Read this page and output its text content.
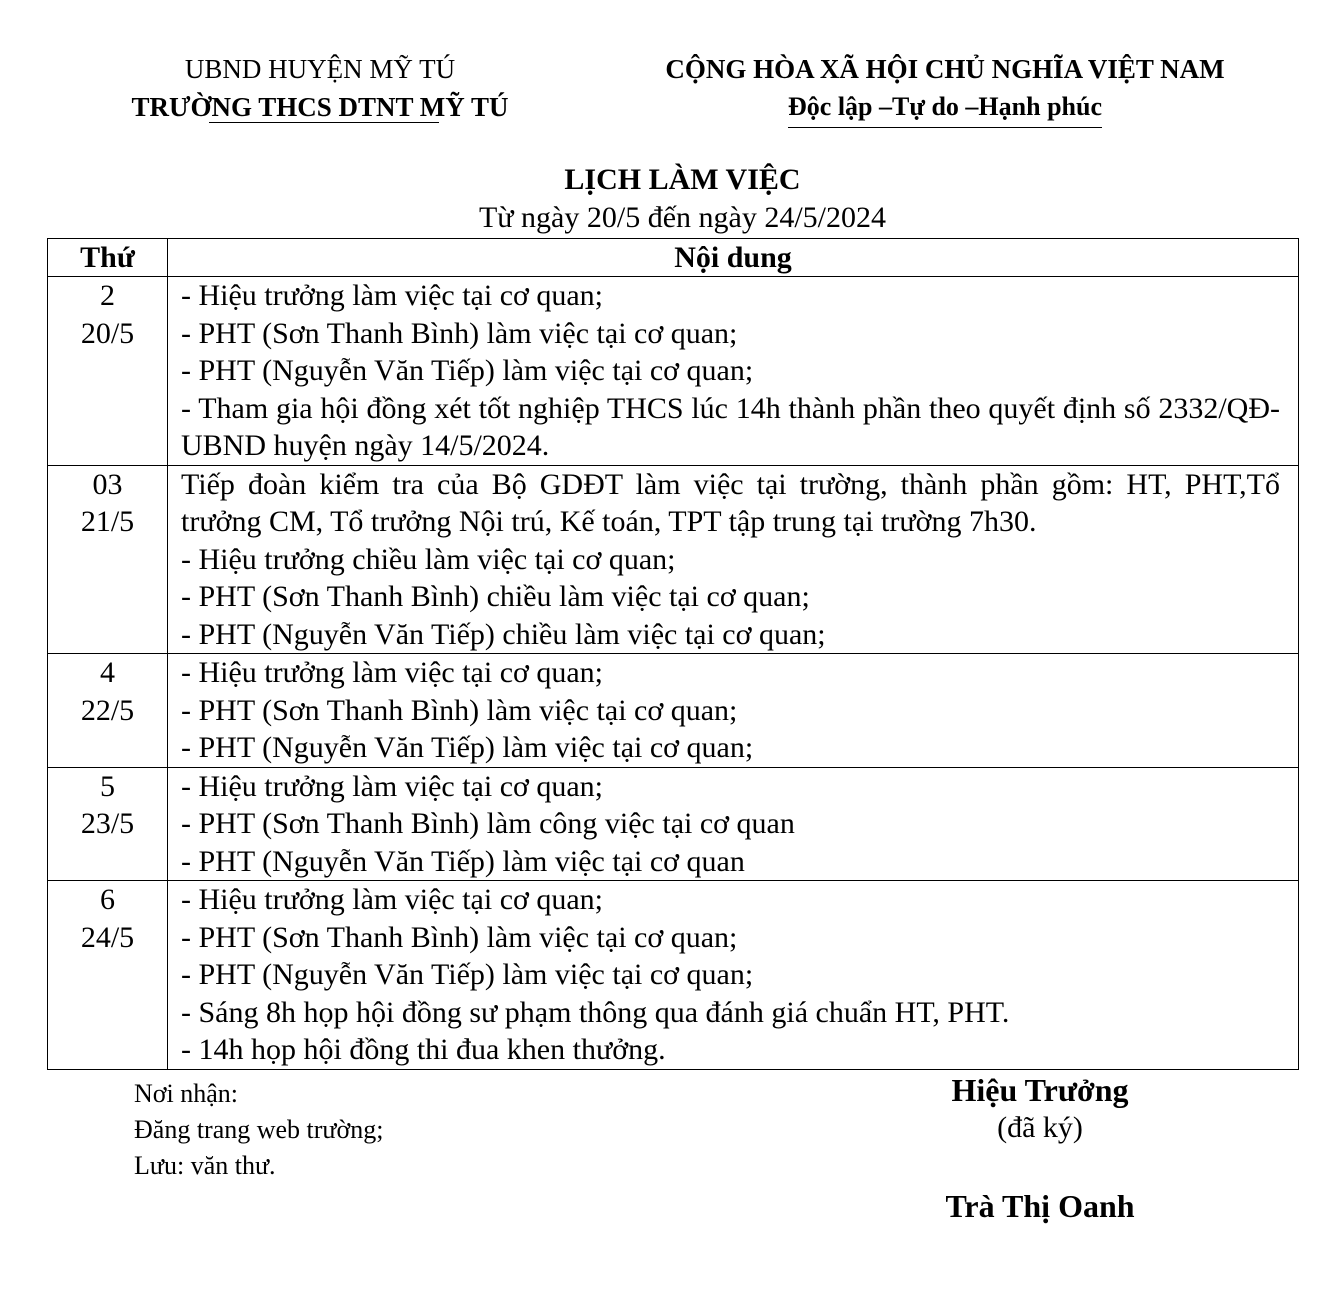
UBND HUYỆN MỸ TÚ
TRƯỜNG THCS DTNT MỸ TÚ
CỘNG HÒA XÃ HỘI CHỦ NGHĨA VIỆT NAM
Độc lập –Tự do –Hạnh phúc
LỊCH LÀM VIỆC
Từ ngày 20/5 đến ngày 24/5/2024
Thứ	Nội dung

2
20/5	- Hiệu trưởng làm việc tại cơ quan;
- PHT (Sơn Thanh Bình) làm việc tại cơ quan;
- PHT (Nguyễn Văn Tiếp) làm việc tại cơ quan;
- Tham gia hội đồng xét tốt nghiệp THCS lúc 14h thành phần theo quyết định số 2332/QĐ-UBND huyện ngày 14/5/2024.

03
21/5	Tiếp đoàn kiểm tra của Bộ GDĐT làm việc tại trường, thành phần gồm: HT, PHT,Tổ trưởng CM, Tổ trưởng Nội trú, Kế toán, TPT tập trung tại trường 7h30.
- Hiệu trưởng chiều làm việc tại cơ quan;
- PHT (Sơn Thanh Bình) chiều làm việc tại cơ quan;
- PHT (Nguyễn Văn Tiếp) chiều làm việc tại cơ quan;

4
22/5	- Hiệu trưởng làm việc tại cơ quan;
- PHT (Sơn Thanh Bình) làm việc tại cơ quan;
- PHT (Nguyễn Văn Tiếp) làm việc tại cơ quan;

5
23/5	- Hiệu trưởng làm việc tại cơ quan;
- PHT (Sơn Thanh Bình) làm công việc tại cơ quan
- PHT (Nguyễn Văn Tiếp) làm việc tại cơ quan

6
24/5	- Hiệu trưởng làm việc tại cơ quan;
- PHT (Sơn Thanh Bình) làm việc tại cơ quan;
- PHT (Nguyễn Văn Tiếp) làm việc tại cơ quan;
- Sáng 8h họp hội đồng sư phạm thông qua đánh giá chuẩn HT, PHT.
- 14h họp hội đồng thi đua khen thưởng.
Nơi nhận:
Đăng trang web trường;
Lưu: văn thư.
Hiệu Trưởng
(đã ký)
Trà Thị Oanh
